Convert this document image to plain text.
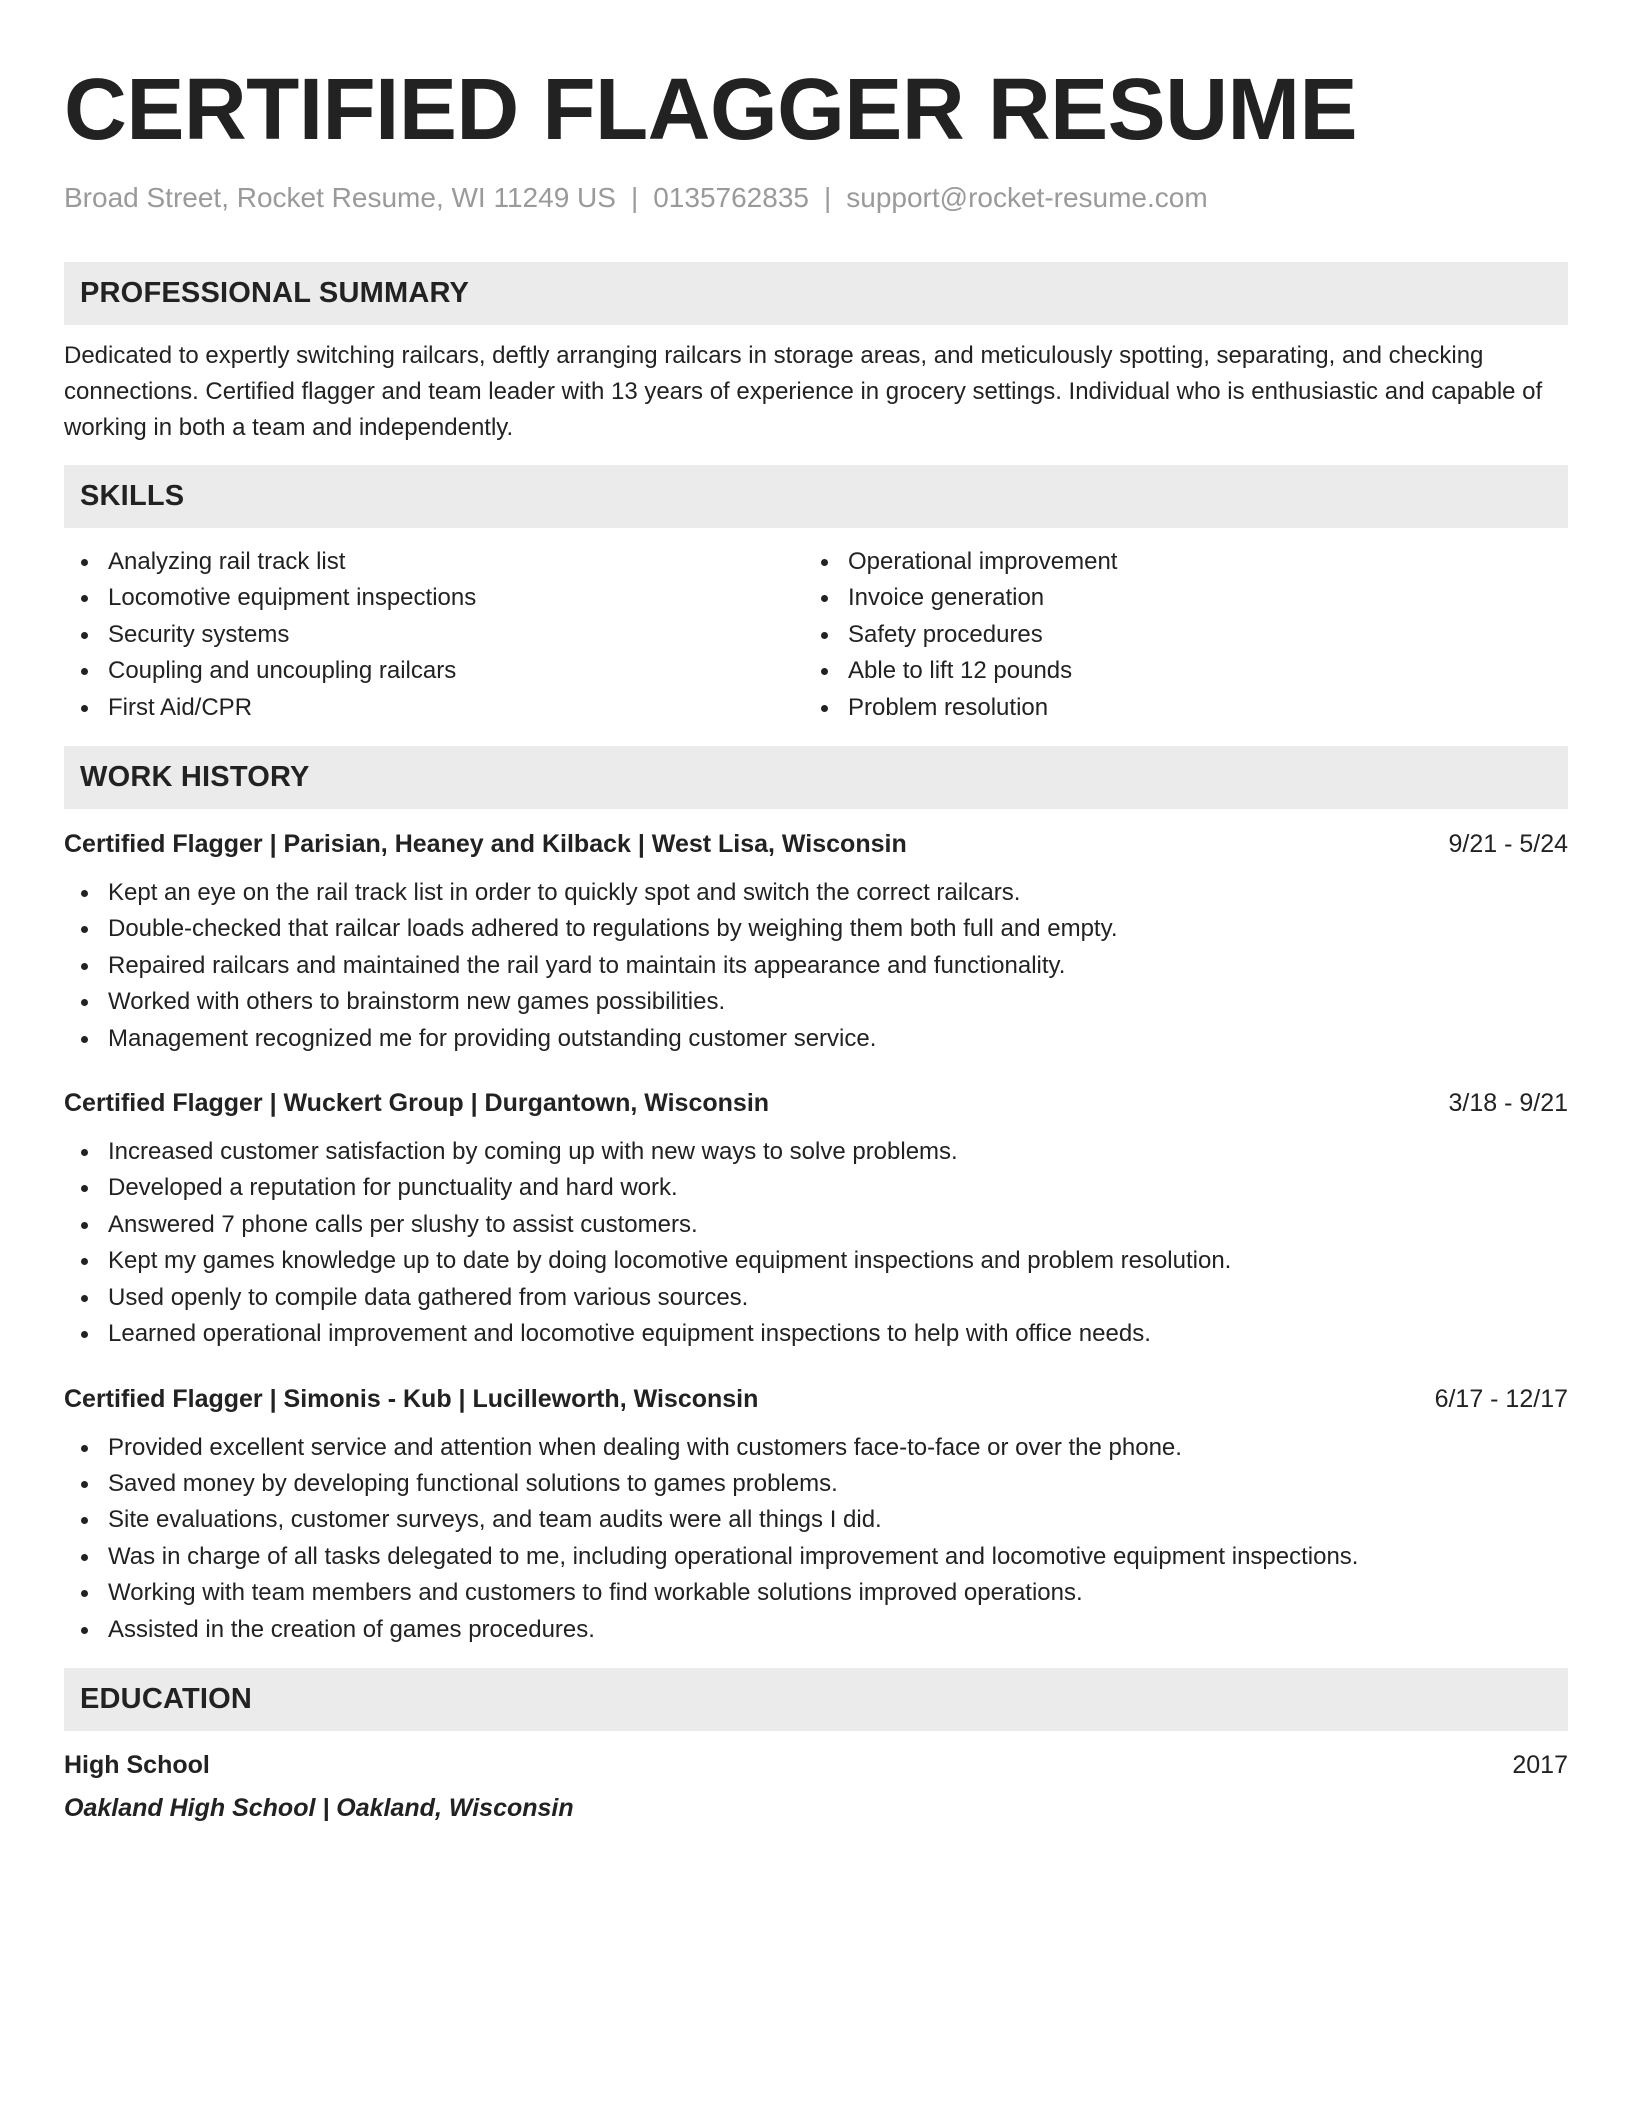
CERTIFIED FLAGGER RESUME
Broad Street, Rocket Resume, WI 11249 US | 0135762835 | support@rocket-resume.com
PROFESSIONAL SUMMARY

Dedicated to expertly switching railcars, deftly arranging railcars in storage areas, and meticulously spotting, separating, and checking connections. Certified flagger and team leader with 13 years of experience in grocery settings. Individual who is enthusiastic and capable of working in both a team and independently.

SKILLS
Analyzing rail track list
Locomotive equipment inspections
Security systems
Coupling and uncoupling railcars
First Aid/CPR
Operational improvement
Invoice generation
Safety procedures
Able to lift 12 pounds
Problem resolution
WORK HISTORY
Certified Flagger | Parisian, Heaney and Kilback | West Lisa, Wisconsin	9/21 - 5/24
Kept an eye on the rail track list in order to quickly spot and switch the correct railcars.
Double-checked that railcar loads adhered to regulations by weighing them both full and empty.
Repaired railcars and maintained the rail yard to maintain its appearance and functionality.
Worked with others to brainstorm new games possibilities.
Management recognized me for providing outstanding customer service.
Certified Flagger | Wuckert Group | Durgantown, Wisconsin	3/18 - 9/21
Increased customer satisfaction by coming up with new ways to solve problems.
Developed a reputation for punctuality and hard work.
Answered 7 phone calls per slushy to assist customers.
Kept my games knowledge up to date by doing locomotive equipment inspections and problem resolution.
Used openly to compile data gathered from various sources.
Learned operational improvement and locomotive equipment inspections to help with office needs.
Certified Flagger | Simonis - Kub | Lucilleworth, Wisconsin	6/17 - 12/17
Provided excellent service and attention when dealing with customers face-to-face or over the phone.
Saved money by developing functional solutions to games problems.
Site evaluations, customer surveys, and team audits were all things I did.
Was in charge of all tasks delegated to me, including operational improvement and locomotive equipment inspections.
Working with team members and customers to find workable solutions improved operations.
Assisted in the creation of games procedures.
EDUCATION
High School	2017
Oakland High School | Oakland, Wisconsin
